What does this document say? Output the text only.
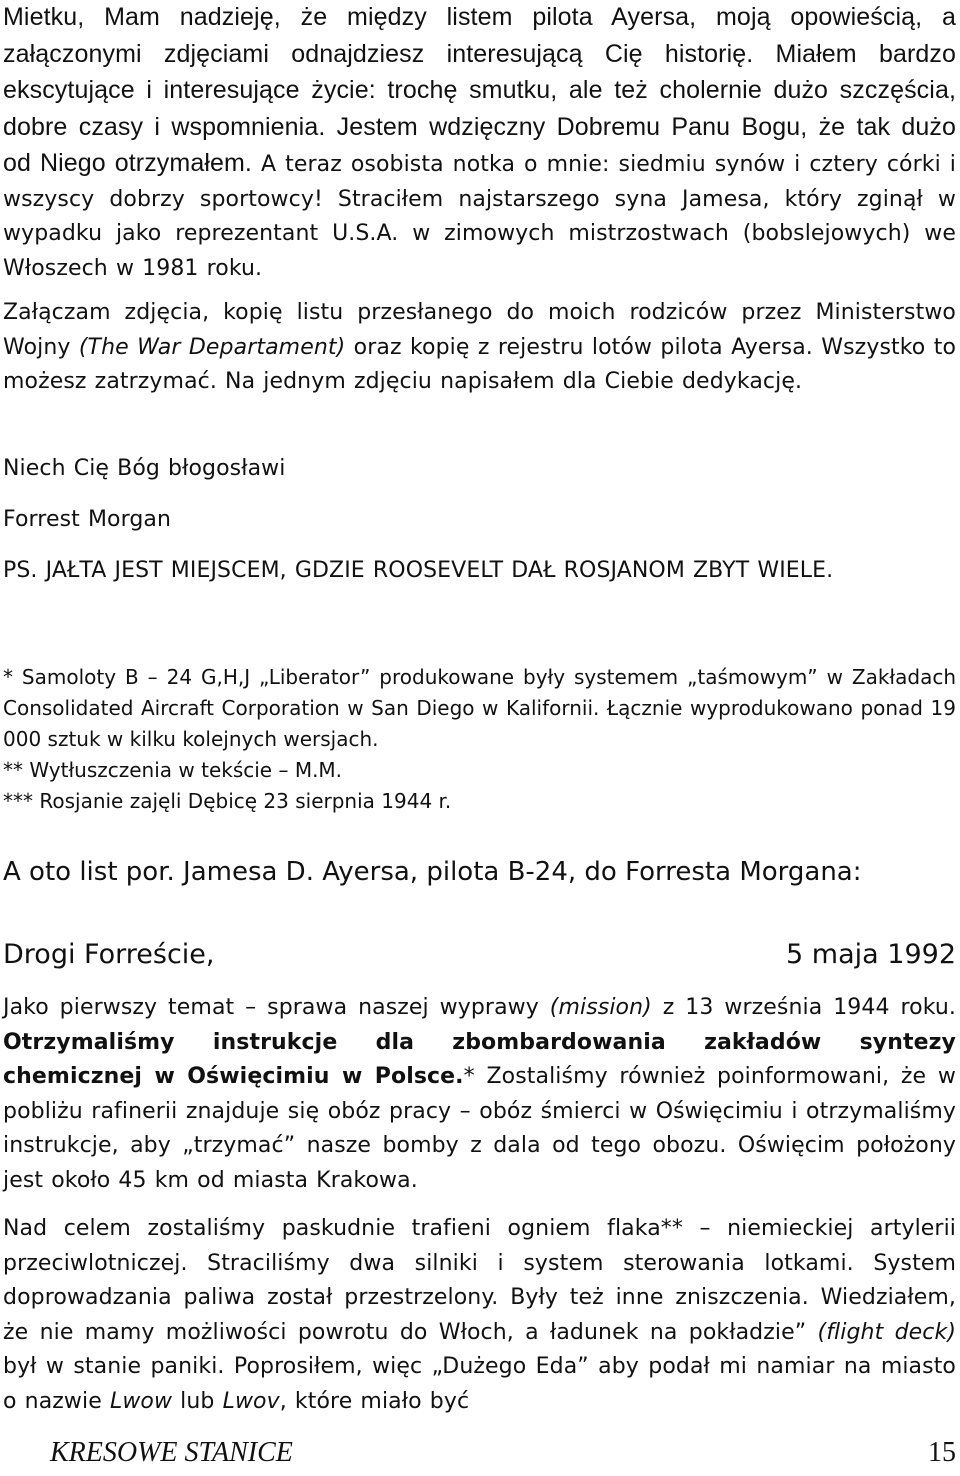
Mietku, Mam nadzieję, że między listem pilota Ayersa, moją opowieścią, a załączonymi zdjęciami odnajdziesz interesującą Cię historię. Miałem bardzo ekscytujące i interesujące życie: trochę smutku, ale też cholernie dużo szczęścia, dobre czasy i wspomnienia. Jestem wdzięczny Dobremu Panu Bogu, że tak dużo od Niego otrzymałem. A teraz osobista notka o mnie: siedmiu synów i cztery córki i wszyscy dobrzy sportowcy! Straciłem najstarszego syna Jamesa, który zginął w wypadku jako reprezentant U.S.A. w zimowych mistrzostwach (bobslejowych) we Włoszech w 1981 roku.

Załączam zdjęcia, kopię listu przesłanego do moich rodziców przez Ministerstwo Wojny (The War Departament) oraz kopię z rejestru lotów pilota Ayersa. Wszystko to możesz zatrzymać. Na jednym zdjęciu napisałem dla Ciebie dedykację.

Niech Cię Bóg błogosławi

Forrest Morgan

PS. JAŁTA JEST MIEJSCEM, GDZIE ROOSEVELT DAŁ ROSJANOM ZBYT WIELE.

* Samoloty B – 24 G,H,J „Liberator” produkowane były systemem „taśmowym” w Zakładach Consolidated Aircraft Corporation w San Diego w Kalifornii. Łącznie wyprodukowano ponad 19 000 sztuk w kilku kolejnych wersjach.

** Wytłuszczenia w tekście – M.M.

*** Rosjanie zajęli Dębicę 23 sierpnia 1944 r.

A oto list por. Jamesa D. Ayersa, pilota B-24, do Forresta Morgana:

Drogi Forreście,	5 maja 1992

Jako pierwszy temat – sprawa naszej wyprawy (mission) z 13 września 1944 roku. Otrzymaliśmy instrukcje dla zbombardowania zakładów syntezy chemicznej w Oświęcimiu w Polsce.* Zostaliśmy również poinformowani, że w pobliżu rafinerii znajduje się obóz pracy – obóz śmierci w Oświęcimiu i otrzymaliśmy instrukcje, aby „trzymać” nasze bomby z dala od tego obozu. Oświęcim położony jest około 45 km od miasta Krakowa.

Nad celem zostaliśmy paskudnie trafieni ogniem flaka** – niemieckiej artylerii przeciwlotniczej. Straciliśmy dwa silniki i system sterowania lotkami. System doprowadzania paliwa został przestrzelony. Były też inne zniszczenia. Wiedziałem, że nie mamy możliwości powrotu do Włoch, a ładunek na pokładzie” (flight deck) był w stanie paniki. Poprosiłem, więc „Dużego Eda” aby podał mi namiar na miasto o nazwie Lwow lub Lwov, które miało być

KRESOWE STANICE	15
